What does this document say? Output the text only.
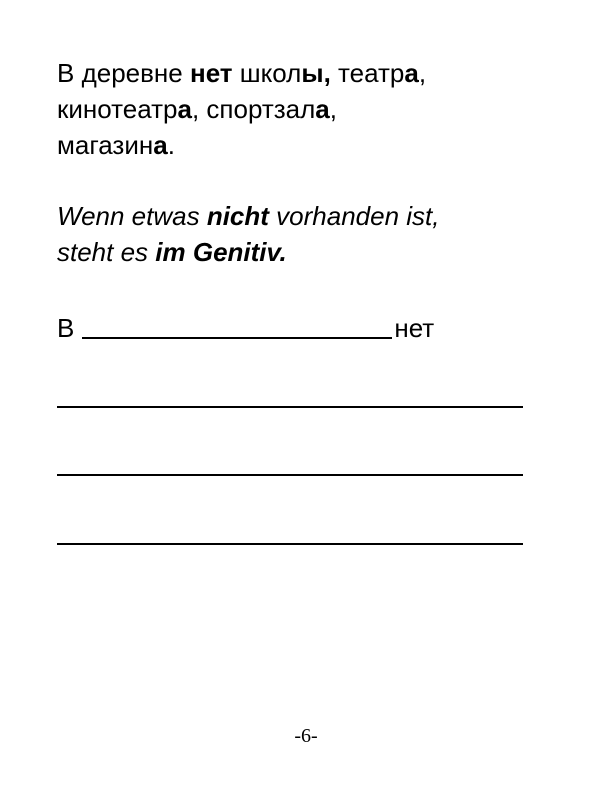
В деревне нет школы, театра,
кинотеатра, спортзала,
магазина.
Wenn etwas nicht vorhanden ist,
steht es im Genitiv.
В	нет
-6-
